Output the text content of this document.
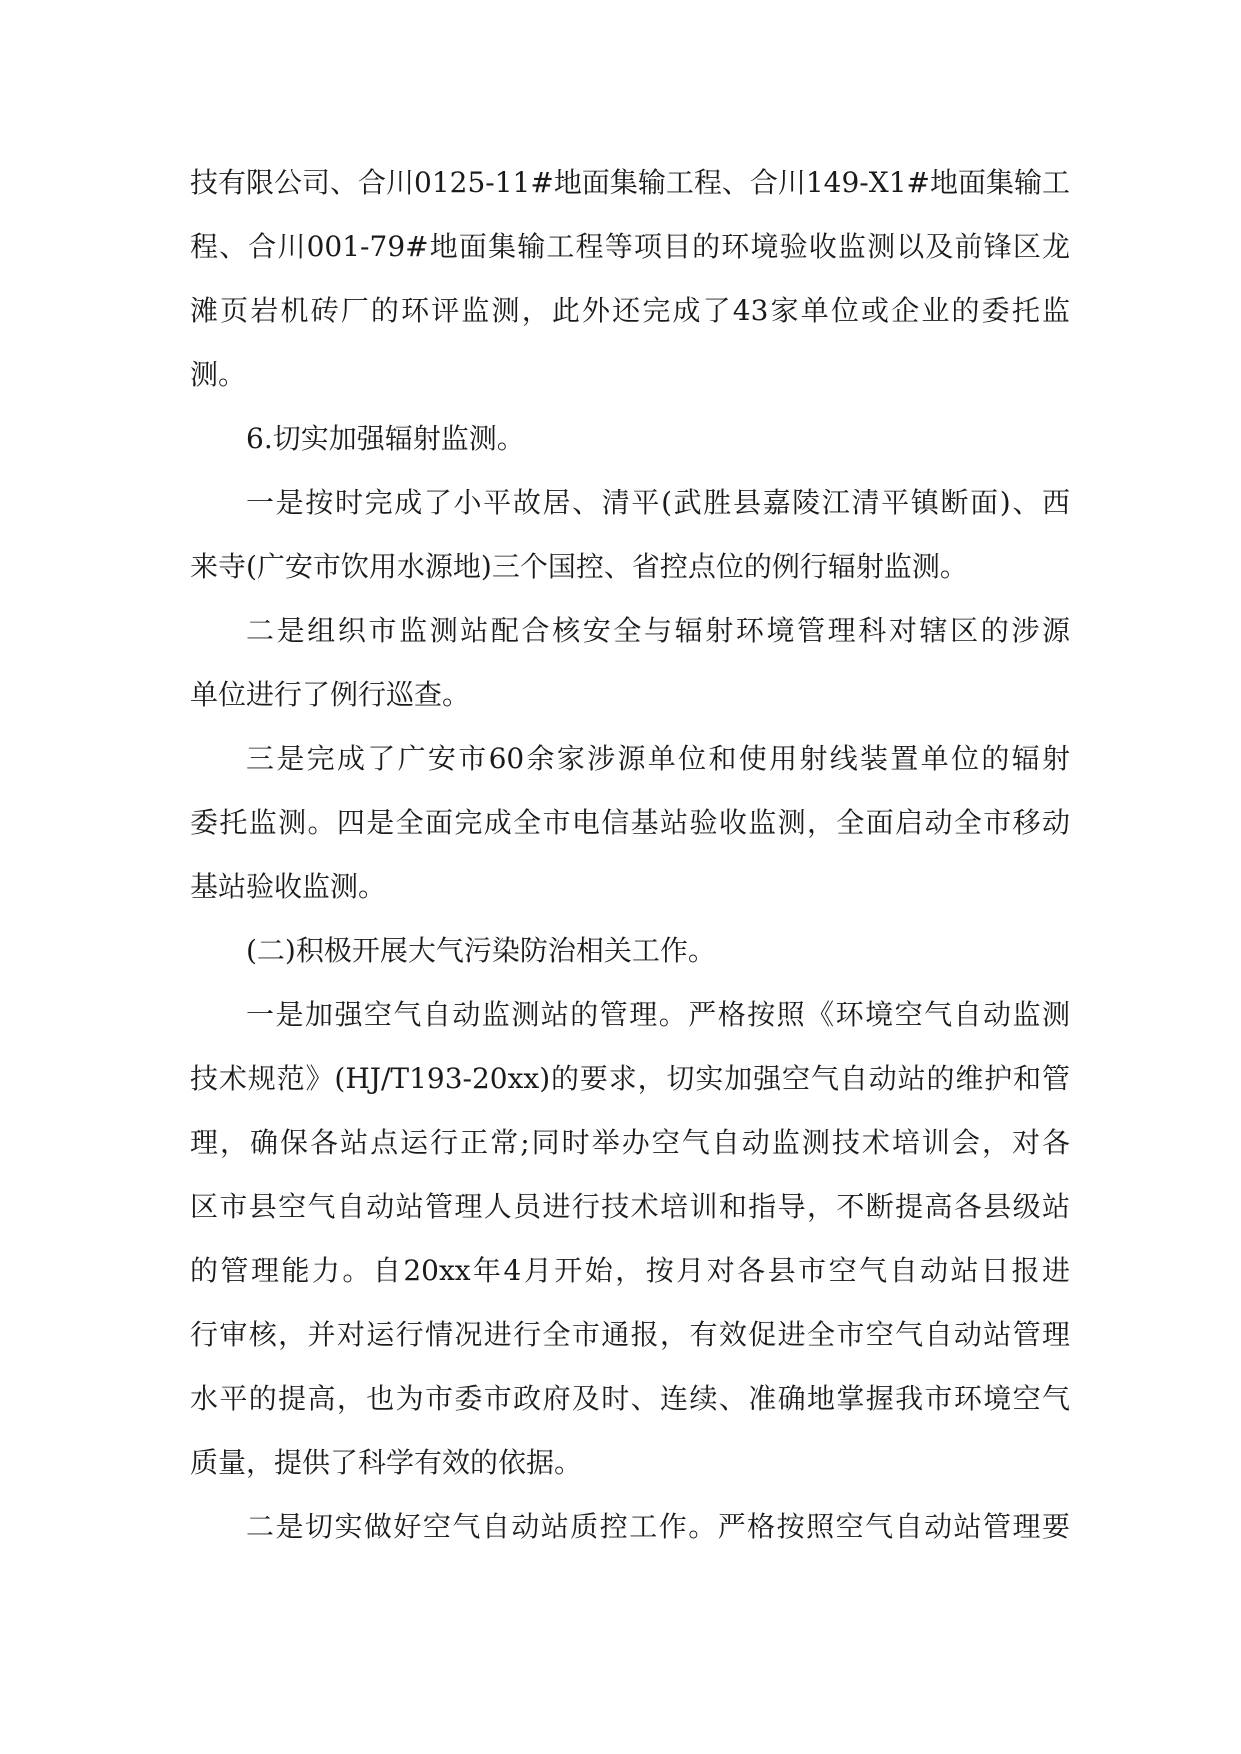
技有限公司、合川0125-11#地面集输工程、合川149-X1#地面集输工
程、合川001-79#地面集输工程等项目的环境验收监测以及前锋区龙
滩页岩机砖厂的环评监测，此外还完成了43家单位或企业的委托监
测。
6.切实加强辐射监测。
一是按时完成了小平故居、清平(武胜县嘉陵江清平镇断面)、西
来寺(广安市饮用水源地)三个国控、省控点位的例行辐射监测。
二是组织市监测站配合核安全与辐射环境管理科对辖区的涉源
单位进行了例行巡查。
三是完成了广安市60余家涉源单位和使用射线装置单位的辐射
委托监测。四是全面完成全市电信基站验收监测，全面启动全市移动
基站验收监测。
(二)积极开展大气污染防治相关工作。
一是加强空气自动监测站的管理。严格按照《环境空气自动监测
技术规范》(HJ/T193-20xx)的要求，切实加强空气自动站的维护和管
理，确保各站点运行正常;同时举办空气自动监测技术培训会，对各
区市县空气自动站管理人员进行技术培训和指导，不断提高各县级站
的管理能力。自20xx年4月开始，按月对各县市空气自动站日报进
行审核，并对运行情况进行全市通报，有效促进全市空气自动站管理
水平的提高，也为市委市政府及时、连续、准确地掌握我市环境空气
质量，提供了科学有效的依据。
二是切实做好空气自动站质控工作。严格按照空气自动站管理要
